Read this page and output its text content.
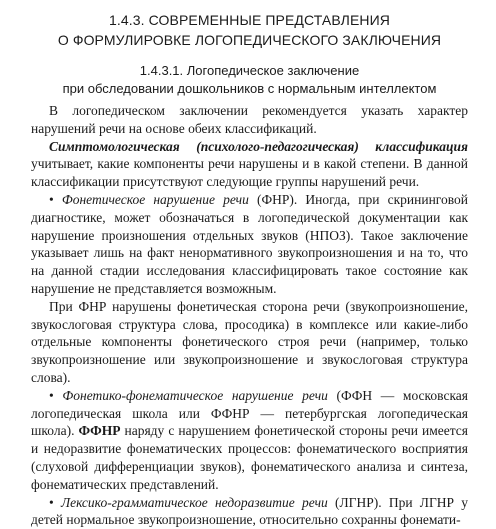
1.4.3. СОВРЕМЕННЫЕ ПРЕДСТАВЛЕНИЯ
О ФОРМУЛИРОВКЕ ЛОГОПЕДИЧЕСКОГО ЗАКЛЮЧЕНИЯ
1.4.3.1. Логопедическое заключение
при обследовании дошкольников с нормальным интеллектом

В логопедическом заключении рекомендуется указать характер нарушений речи на основе обеих классификаций.

Симптомологическая (психолого-педагогическая) классификация учитывает, какие компоненты речи нарушены и в какой степени. В данной классификации присутствуют следующие группы нарушений речи.

• Фонетическое нарушение речи (ФНР). Иногда, при скрининговой диагностике, может обозначаться в логопедической документации как нарушение произношения отдельных звуков (НПОЗ). Такое заключение указывает лишь на факт ненормативного звукопроизношения и на то, что на данной стадии исследования классифицировать такое состояние как нарушение не представляется возможным.

При ФНР нарушены фонетическая сторона речи (звукопроизношение, звукослоговая структура слова, просодика) в комплексе или какие-либо отдельные компоненты фонетического строя речи (например, только звукопроизношение или звукопроизношение и звукослоговая структура слова).

• Фонетико-фонематическое нарушение речи (ФФН — московская логопедическая школа или ФФНР — петербургская логопедическая школа). ФФНР наряду с нарушением фонетической стороны речи имеется и недоразвитие фонематических процессов: фонематического восприятия (слуховой дифференциации звуков), фонематического анализа и синтеза, фонематических представлений.

• Лексико-грамматическое недоразвитие речи (ЛГНР). При ЛГНР у детей нормальное звукопроизношение, относительно сохранны фонемати-
